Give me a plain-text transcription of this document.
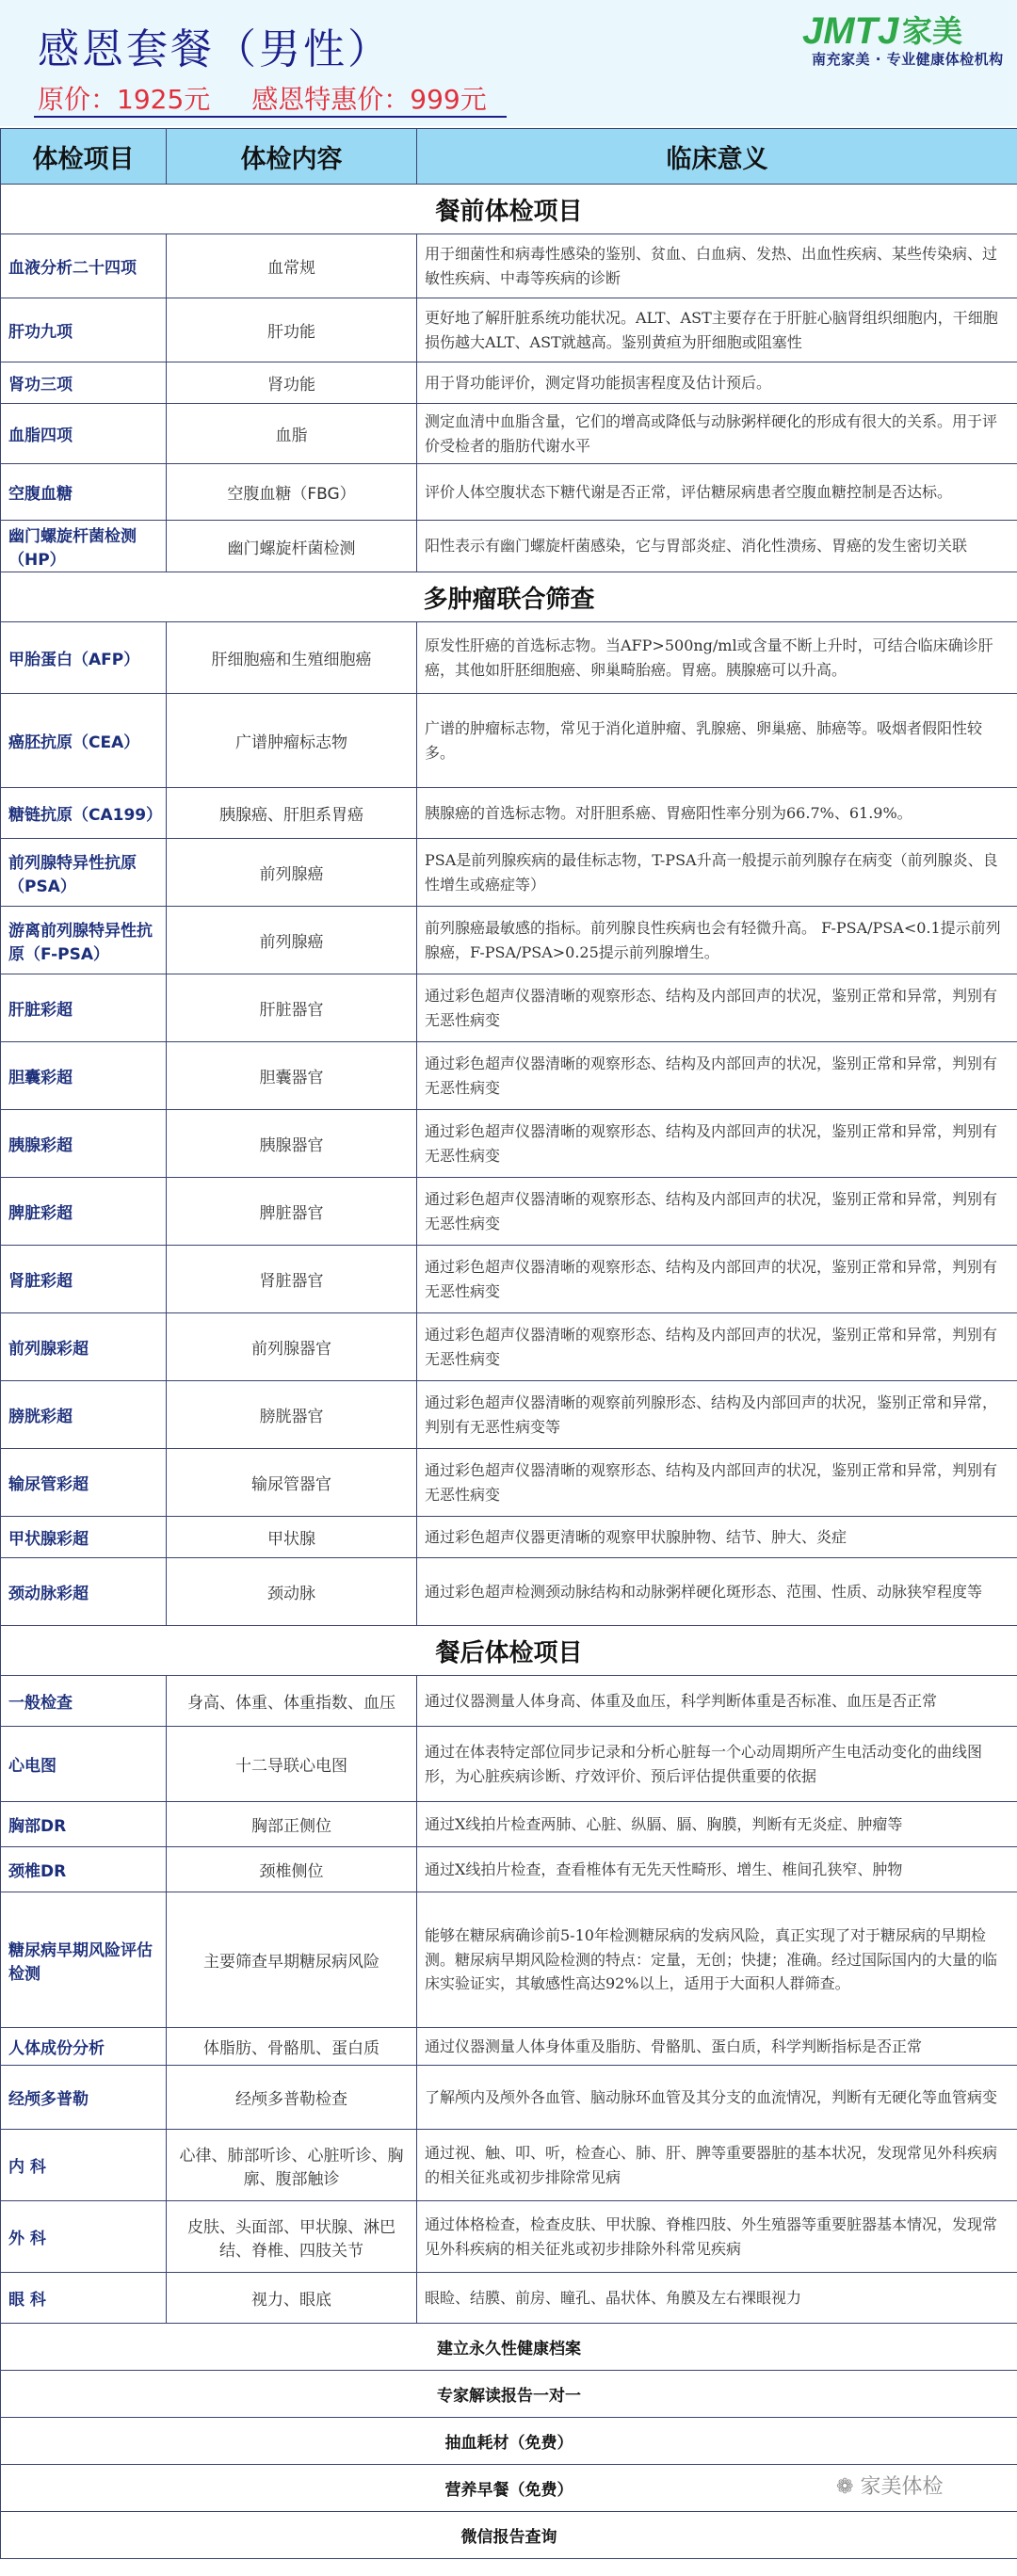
感恩套餐（男性）
原价：1925元 感恩特惠价：999元
JMTJ 家美
南充家美 · 专业健康体检机构
体检项目	体检内容	临床意义
餐前体检项目		
血液分析二十四项	血常规	用于细菌性和病毒性感染的鉴别、贫血、白血病、发热、出血性疾病、某些传染病、过敏性疾病、中毒等疾病的诊断
肝功九项	肝功能	更好地了解肝脏系统功能状况。ALT、AST主要存在于肝脏心脑肾组织细胞内，干细胞损伤越大ALT、AST就越高。鉴别黄疸为肝细胞或阻塞性
肾功三项	肾功能	用于肾功能评价，测定肾功能损害程度及估计预后。
血脂四项	血脂	测定血清中血脂含量，它们的增高或降低与动脉粥样硬化的形成有很大的关系。用于评价受检者的脂肪代谢水平
空腹血糖	空腹血糖（FBG）	评价人体空腹状态下糖代谢是否正常，评估糖尿病患者空腹血糖控制是否达标。
幽门螺旋杆菌检测（HP）	幽门螺旋杆菌检测	阳性表示有幽门螺旋杆菌感染，它与胃部炎症、消化性溃疡、胃癌的发生密切关联
多肿瘤联合筛查		
甲胎蛋白（AFP）	肝细胞癌和生殖细胞癌	原发性肝癌的首选标志物。当AFP>500ng/ml或含量不断上升时，可结合临床确诊肝癌，其他如肝胚细胞癌、卵巢畸胎癌。胃癌。胰腺癌可以升高。
癌胚抗原（CEA）	广谱肿瘤标志物	广谱的肿瘤标志物，常见于消化道肿瘤、乳腺癌、卵巢癌、肺癌等。吸烟者假阳性较多。
糖链抗原（CA199）	胰腺癌、肝胆系胃癌	胰腺癌的首选标志物。对肝胆系癌、胃癌阳性率分别为66.7%、61.9%。
前列腺特异性抗原（PSA）	前列腺癌	PSA是前列腺疾病的最佳标志物，T-PSA升高一般提示前列腺存在病变（前列腺炎、良性增生或癌症等）
游离前列腺特异性抗原（F-PSA）	前列腺癌	前列腺癌最敏感的指标。前列腺良性疾病也会有轻微升高。 F-PSA/PSA<0.1提示前列腺癌，F-PSA/PSA>0.25提示前列腺增生。
肝脏彩超	肝脏器官	通过彩色超声仪器清晰的观察形态、结构及内部回声的状况，鉴别正常和异常，判别有无恶性病变
胆囊彩超	胆囊器官	通过彩色超声仪器清晰的观察形态、结构及内部回声的状况，鉴别正常和异常，判别有无恶性病变
胰腺彩超	胰腺器官	通过彩色超声仪器清晰的观察形态、结构及内部回声的状况，鉴别正常和异常，判别有无恶性病变
脾脏彩超	脾脏器官	通过彩色超声仪器清晰的观察形态、结构及内部回声的状况，鉴别正常和异常，判别有无恶性病变
肾脏彩超	肾脏器官	通过彩色超声仪器清晰的观察形态、结构及内部回声的状况，鉴别正常和异常，判别有无恶性病变
前列腺彩超	前列腺器官	通过彩色超声仪器清晰的观察形态、结构及内部回声的状况，鉴别正常和异常，判别有无恶性病变
膀胱彩超	膀胱器官	通过彩色超声仪器清晰的观察前列腺形态、结构及内部回声的状况，鉴别正常和异常，判别有无恶性病变等
输尿管彩超	输尿管器官	通过彩色超声仪器清晰的观察形态、结构及内部回声的状况，鉴别正常和异常，判别有无恶性病变
甲状腺彩超	甲状腺	通过彩色超声仪器更清晰的观察甲状腺肿物、结节、肿大、炎症
颈动脉彩超	颈动脉	通过彩色超声检测颈动脉结构和动脉粥样硬化斑形态、范围、性质、动脉狭窄程度等
餐后体检项目		
一般检查	身高、体重、体重指数、血压	通过仪器测量人体身高、体重及血压，科学判断体重是否标准、血压是否正常
心电图	十二导联心电图	通过在体表特定部位同步记录和分析心脏每一个心动周期所产生电活动变化的曲线图形，为心脏疾病诊断、疗效评价、预后评估提供重要的依据
胸部DR	胸部正侧位	通过X线拍片检查两肺、心脏、纵膈、膈、胸膜，判断有无炎症、肿瘤等
颈椎DR	颈椎侧位	通过X线拍片检查，查看椎体有无先天性畸形、增生、椎间孔狭窄、肿物
糖尿病早期风险评估检测	主要筛查早期糖尿病风险	能够在糖尿病确诊前5-10年检测糖尿病的发病风险，真正实现了对于糖尿病的早期检测。糖尿病早期风险检测的特点：定量，无创；快捷；准确。经过国际国内的大量的临床实验证实，其敏感性高达92%以上，适用于大面积人群筛查。
人体成份分析	体脂肪、骨骼肌、蛋白质	通过仪器测量人体身体重及脂肪、骨骼肌、蛋白质，科学判断指标是否正常
经颅多普勒	经颅多普勒检查	了解颅内及颅外各血管、脑动脉环血管及其分支的血流情况，判断有无硬化等血管病变
内 科	心律、肺部听诊、心脏听诊、胸廓、腹部触诊	通过视、触、叩、听，检查心、肺、肝、脾等重要器脏的基本状况，发现常见外科疾病的相关征兆或初步排除常见病
外 科	皮肤、头面部、甲状腺、淋巴结、脊椎、四肢关节	通过体格检查，检查皮肤、甲状腺、脊椎四肢、外生殖器等重要脏器基本情况，发现常见外科疾病的相关征兆或初步排除外科常见疾病
眼 科	视力、眼底	眼睑、结膜、前房、瞳孔、晶状体、角膜及左右裸眼视力
建立永久性健康档案		
专家解读报告一对一		
抽血耗材（免费）		
营养早餐（免费）		
微信报告查询		
❁ 家美体检
